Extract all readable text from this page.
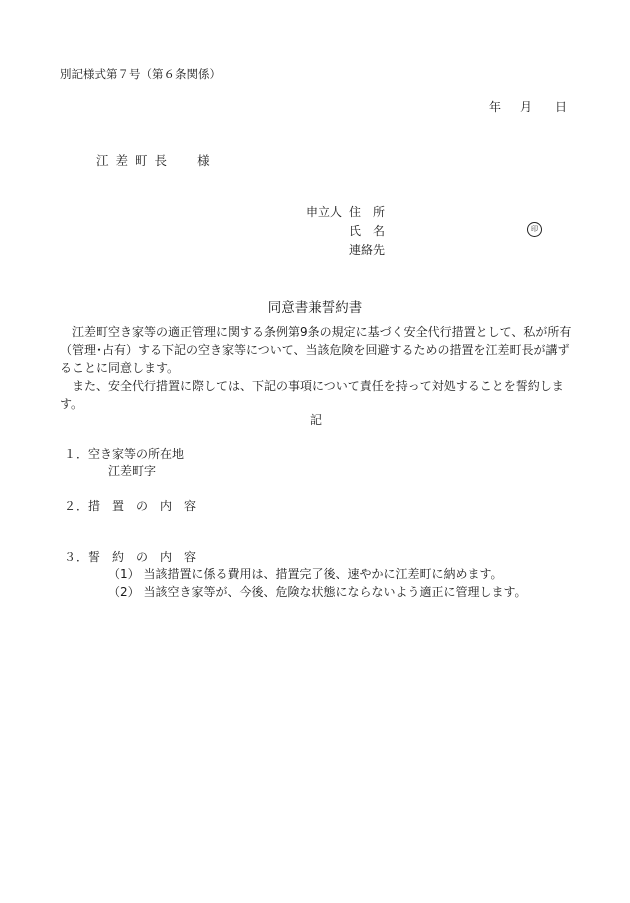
別記様式第７号（第６条関係）
年 月 日
江 差 町 長 様
申立人 住　所
氏　名	印
連絡先
同意書兼誓約書

江差町空き家等の適正管理に関する条例第9条の規定に基づく安全代行措置として、私が所有（管理･占有）する下記の空き家等について、当該危険を回避するための措置を江差町長が講ずることに同意します。

また、安全代行措置に際しては、下記の事項について責任を持って対処することを誓約します。

記
１．空き家等の所在地
江差町字
２．措　置　の　内　容
３．誓　約　の　内　容
（1） 当該措置に係る費用は、措置完了後、速やかに江差町に納めます。
（2） 当該空き家等が、今後、危険な状態にならないよう適正に管理します。
